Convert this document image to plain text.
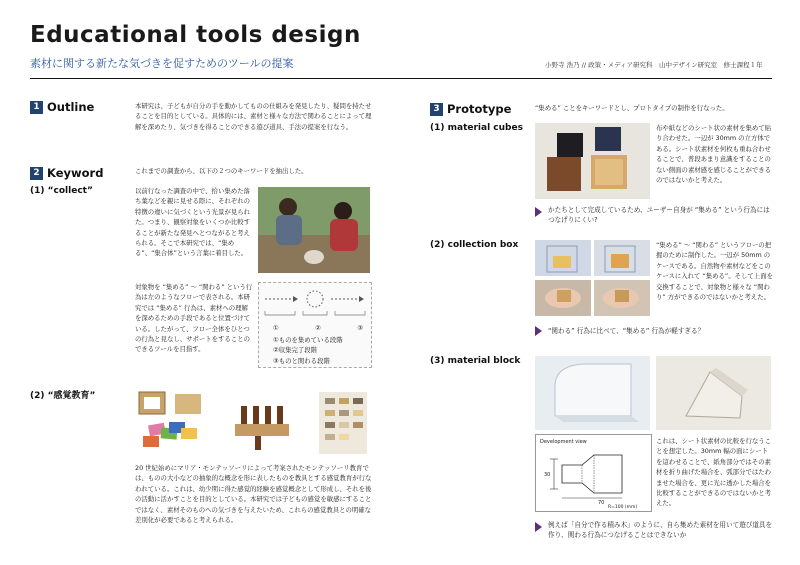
Educational tools design
素材に関する新たな気づきを促すためのツールの提案	小野寺 浩乃 // 政策・メディア研究科　山中デザイン研究室　修士課程１年
1 Outline	本研究は、子どもが自分の手を動かしてものの仕組みを発見したり、疑問を持たせることを目的としている。具体的には、素材と様々な方法で関わることによって理解を深めたり、気づきを得ることのできる遊び道具、手法の提案を行なう。
2 Keyword	これまでの調査から、以下の２つのキーワードを抽出した。
(1) “collect”	以前行なった調査の中で、拾い集めた落ち葉などを親に見せる際に、それぞれの特徴の違いに気づくという光景が見られた。つまり、観察対象をいくつか比較することが新たな発見へとつながると考えられる。そこで本研究では、“集める”、“集合体”という言葉に着目した。
対象物を “集める” 〜 “関わる” という行為は左のようなフローで表される。本研究では “集める” 行為は、素材への理解を深めるための手段であると位置づけている。したがって、フロー全体をひとつの行為と見なし、サポートをすることのできるツールを目指す。
①	②	③
①ものを集めている段階
②収集完了段階
③ものと関わる段階
(2) “感覚教育”
20 世紀始めにマリア・モンテッソーリによって考案されたモンテッソーリ教育では、ものの大小などの抽象的な概念を形に表したものを教具とする感覚教育が行なわれている。これは、幼少期に得た感覚的経験を感覚概念として形成し、それを後の活動に活かすことを目的としている。本研究では子どもの感覚を敏感にすることではなく、素材そのものへの気づきを与えたいため、これらの感覚教具との明確な差別化が必要であると考えられる。
3 Prototype	“集める” ことをキーワードとし、プロトタイプの制作を行なった。
(1) material cubes	布や紙などのシート状の素材を集めて貼り合わせた。一辺が 30mm の立方体である。シート状素材を何枚も重ね合わせることで、普段あまり意識をすることのない側面の素材感を感じることができるのではないかと考えた。
かたちとして完成しているため、ユーザー自身が “集める” という行為にはつなげりにくい?
(2) collection box	“集める” 〜 “関わる” というフローの把握のために制作した。一辺が 50mm のケースである。自然物や素材などをこのケースに入れて “集める”。そして上面を交換することで、対象物と様々な “関わり” 方ができるのではないかと考えた。
“関わる” 行為に比べて、“集める” 行為が軽すぎる？
(3) material block
Development view
30
70
R=100 (mm)
これは、シート状素材の比較を行なうことを想定した。30mm 幅の面にシートを這わせることで、紙角部分ではその素材を折り曲げた場合を、弧部分ではたわませた場合を、更に光に透かした場合を比較することができるのではないかと考えた。
例えば「自分で作る積み木」のように、自ら集めた素材を用いて遊び道具を作り、関わる行為につなげることはできないか
